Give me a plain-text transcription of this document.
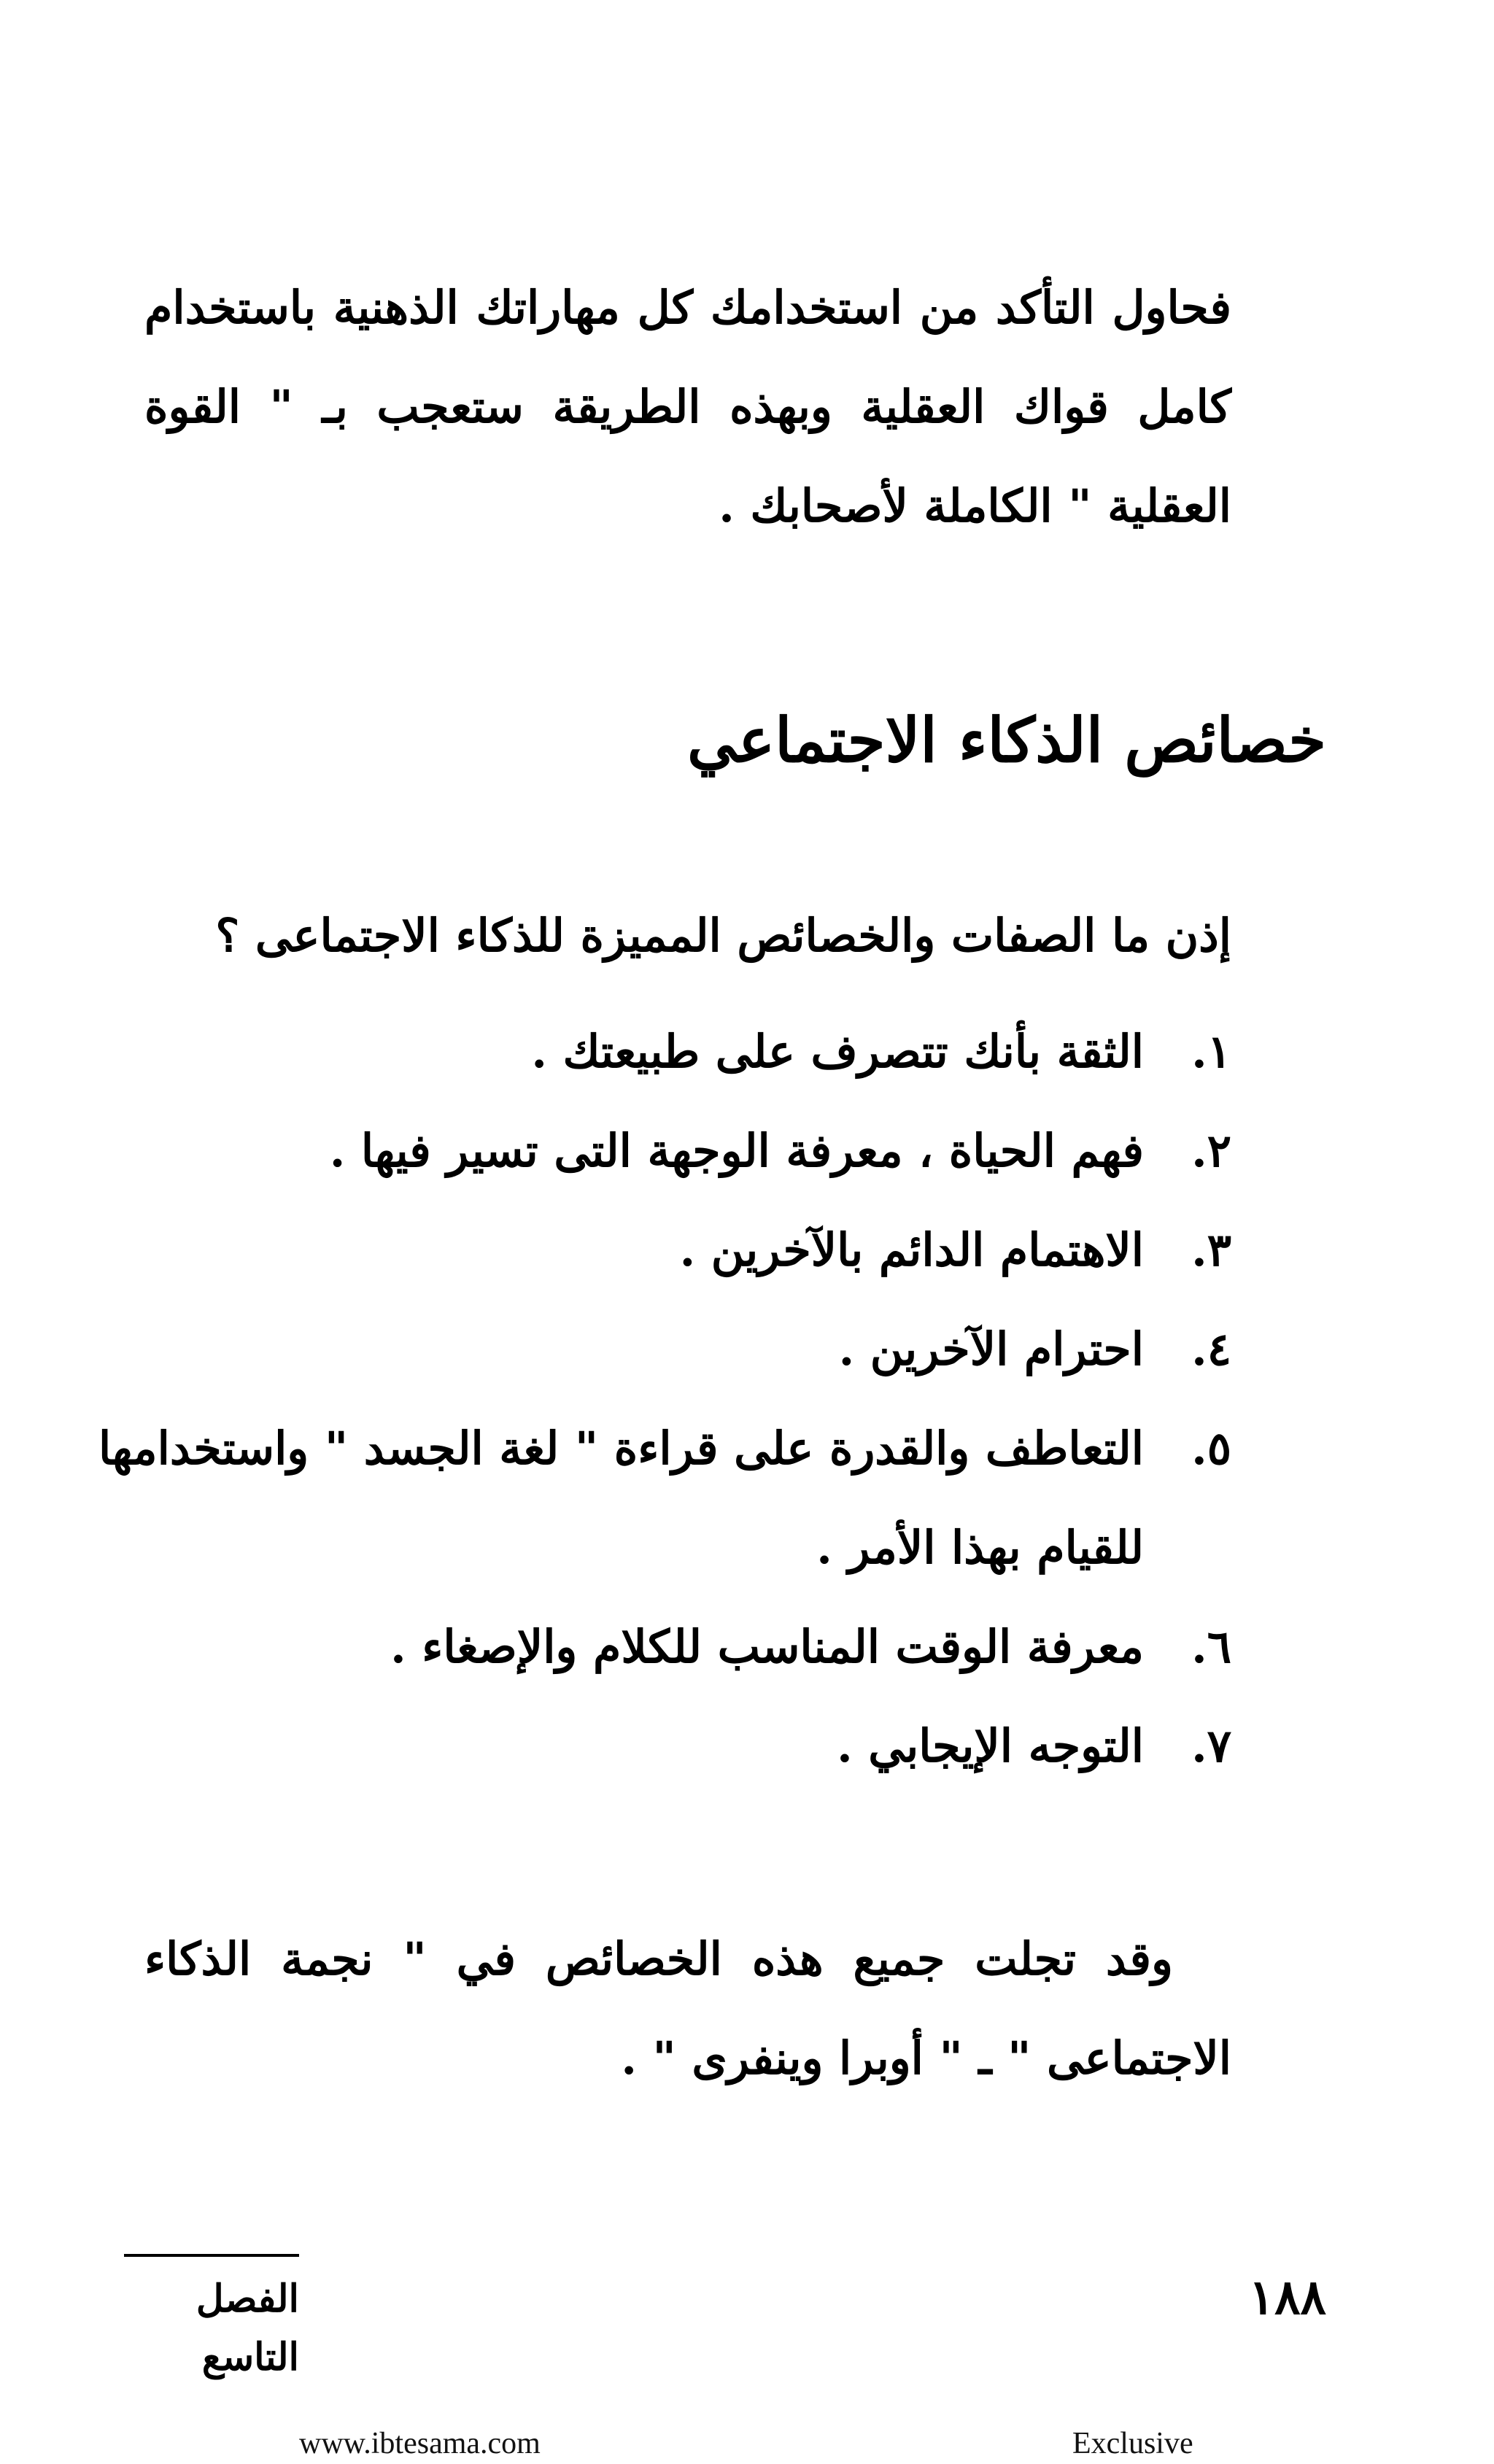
فحاول التأكد من استخدامك كل مهاراتك الذهنية باستخدام كامل قواك العقلية وبهذه الطريقة ستعجب بـ " القوة العقلية " الكاملة لأصحابك .

خصائص الذكاء الاجتماعي

إذن ما الصفات والخصائص المميزة للذكاء الاجتماعى ؟

١.
الثقة بأنك تتصرف على طبيعتك .
٢.
فهم الحياة ، معرفة الوجهة التى تسير فيها .
٣.
الاهتمام الدائم بالآخرين .
٤.
احترام الآخرين .
٥.
التعاطف والقدرة على قراءة " لغة الجسد " واستخدامها للقيام بهذا الأمر .
٦.
معرفة الوقت المناسب للكلام والإصغاء .
٧.
التوجه الإيجابي .

وقد تجلت جميع هذه الخصائص في " نجمة الذكاء الاجتماعى " ـ " أوبرا وينفرى " .

الفصل التاسع
١٨٨
www.ibtesama.com	Exclusive
